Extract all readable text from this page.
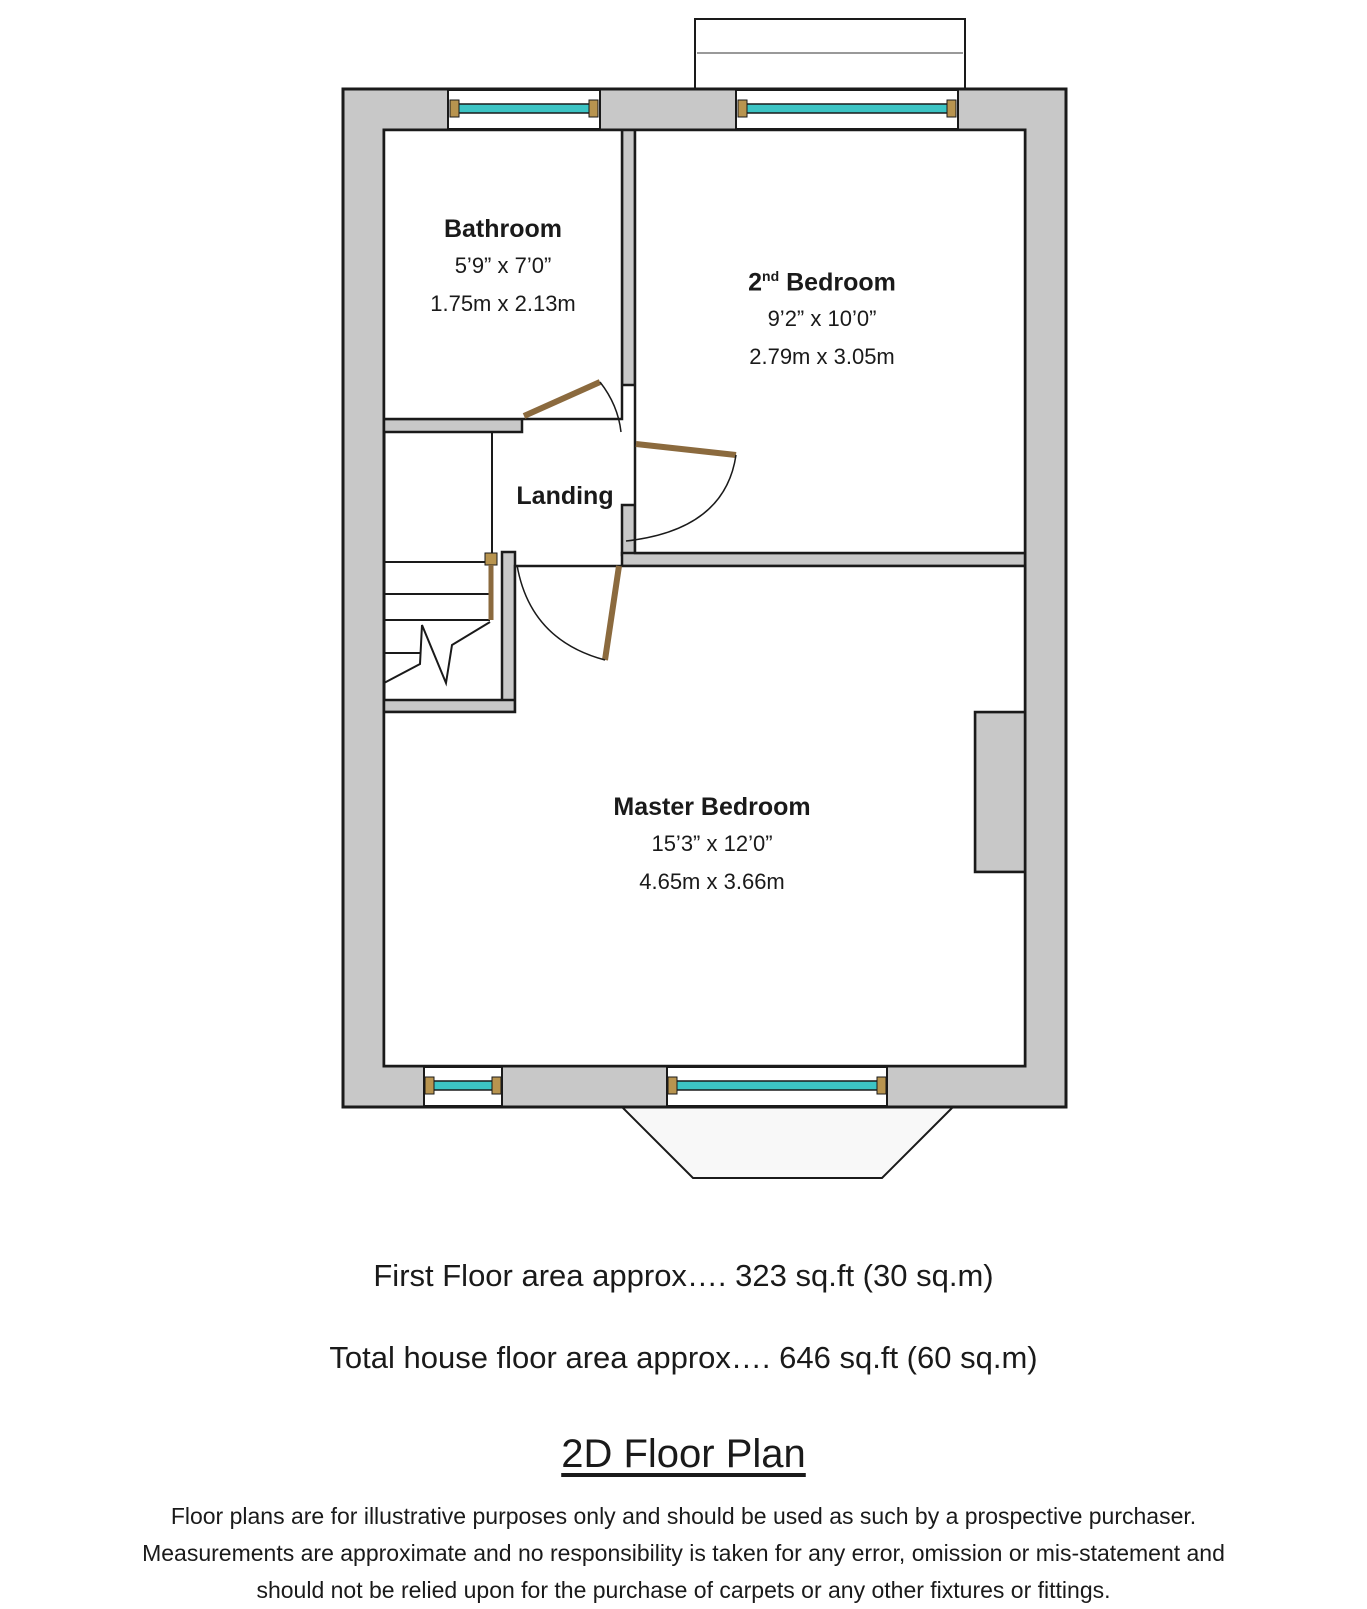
Bathroom
5’9” x 7’0”
1.75m x 2.13m
2nd Bedroom
9’2” x 10’0”
2.79m x 3.05m
Landing
Master Bedroom
15’3” x 12’0”
4.65m x 3.66m
First Floor area approx…. 323 sq.ft (30 sq.m)
Total house floor area approx…. 646 sq.ft (60 sq.m)
2D Floor Plan
Floor plans are for illustrative purposes only and should be used as such by a prospective purchaser.
Measurements are approximate and no responsibility is taken for any error, omission or mis-statement and
should not be relied upon for the purchase of carpets or any other fixtures or fittings.
